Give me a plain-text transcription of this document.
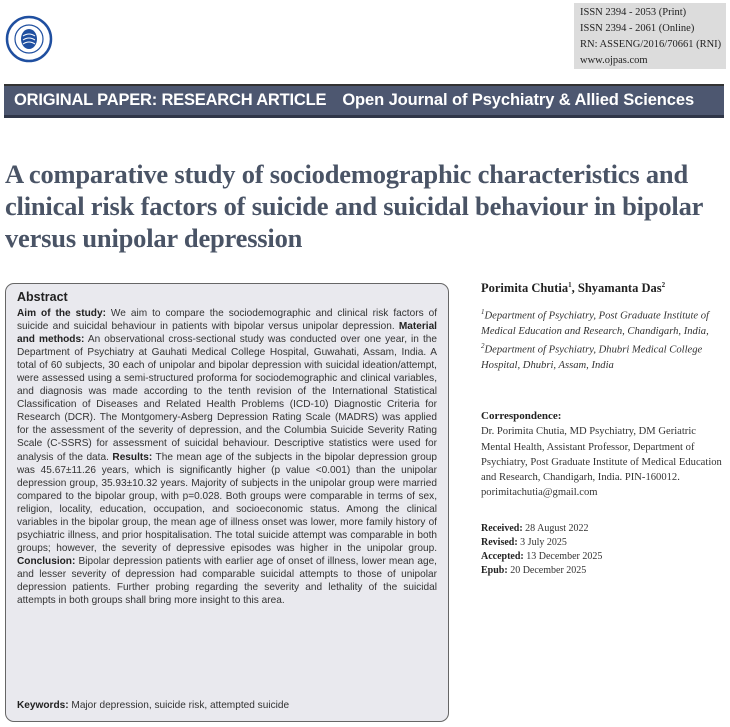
ISSN 2394 - 2053 (Print)
ISSN 2394 - 2061 (Online)
RN: ASSENG/2016/70661 (RNI)
www.ojpas.com
ORIGINAL PAPER: RESEARCH ARTICLE Open Journal of Psychiatry & Allied Sciences
A comparative study of sociodemographic characteristics and clinical risk factors of suicide and suicidal behaviour in bipolar versus unipolar depression
Abstract

Aim of the study: We aim to compare the sociodemographic and clinical risk factors of suicide and suicidal behaviour in patients with bipolar versus unipolar depression. Material and methods: An observational cross-sectional study was conducted over one year, in the Department of Psychiatry at Gauhati Medical College Hospital, Guwahati, Assam, India. A total of 60 subjects, 30 each of unipolar and bipolar depression with suicidal ideation/attempt, were assessed using a semi-structured proforma for sociodemographic and clinical variables, and diagnosis was made according to the tenth revision of the International Statistical Classification of Diseases and Related Health Problems (ICD-10) Diagnostic Criteria for Research (DCR). The Montgomery-Asberg Depression Rating Scale (MADRS) was applied for the assessment of the severity of depression, and the Columbia Suicide Severity Rating Scale (C-SSRS) for assessment of suicidal behaviour. Descriptive statistics were used for analysis of the data. Results: The mean age of the subjects in the bipolar depression group was 45.67±11.26 years, which is significantly higher (p value <0.001) than the unipolar depression group, 35.93±10.32 years. Majority of subjects in the unipolar group were married compared to the bipolar group, with p=0.028. Both groups were comparable in terms of sex, religion, locality, education, occupation, and socioeconomic status. Among the clinical variables in the bipolar group, the mean age of illness onset was lower, more family history of psychiatric illness, and prior hospitalisation. The total suicide attempt was comparable in both groups; however, the severity of depressive episodes was higher in the unipolar group. Conclusion: Bipolar depression patients with earlier age of onset of illness, lower mean age, and lesser severity of depression had comparable suicidal attempts to those of unipolar depression patients. Further probing regarding the severity and lethality of the suicidal attempts in both groups shall bring more insight to this area.

Keywords: Major depression, suicide risk, attempted suicide
Porimita Chutia$^1$, Shyamanta Das$^2$
$^1$Department of Psychiatry, Post Graduate Institute of Medical Education and Research, Chandigarh, India, $^2$Department of Psychiatry, Dhubri Medical College Hospital, Dhubri, Assam, India
Correspondence:
Dr. Porimita Chutia, MD Psychiatry, DM Geriatric Mental Health, Assistant Professor, Department of Psychiatry, Post Graduate Institute of Medical Education and Research, Chandigarh, India. PIN-160012.
porimitachutia@gmail.com
Received: 28 August 2022
Revised: 3 July 2025
Accepted: 13 December 2025
Epub: 20 December 2025
